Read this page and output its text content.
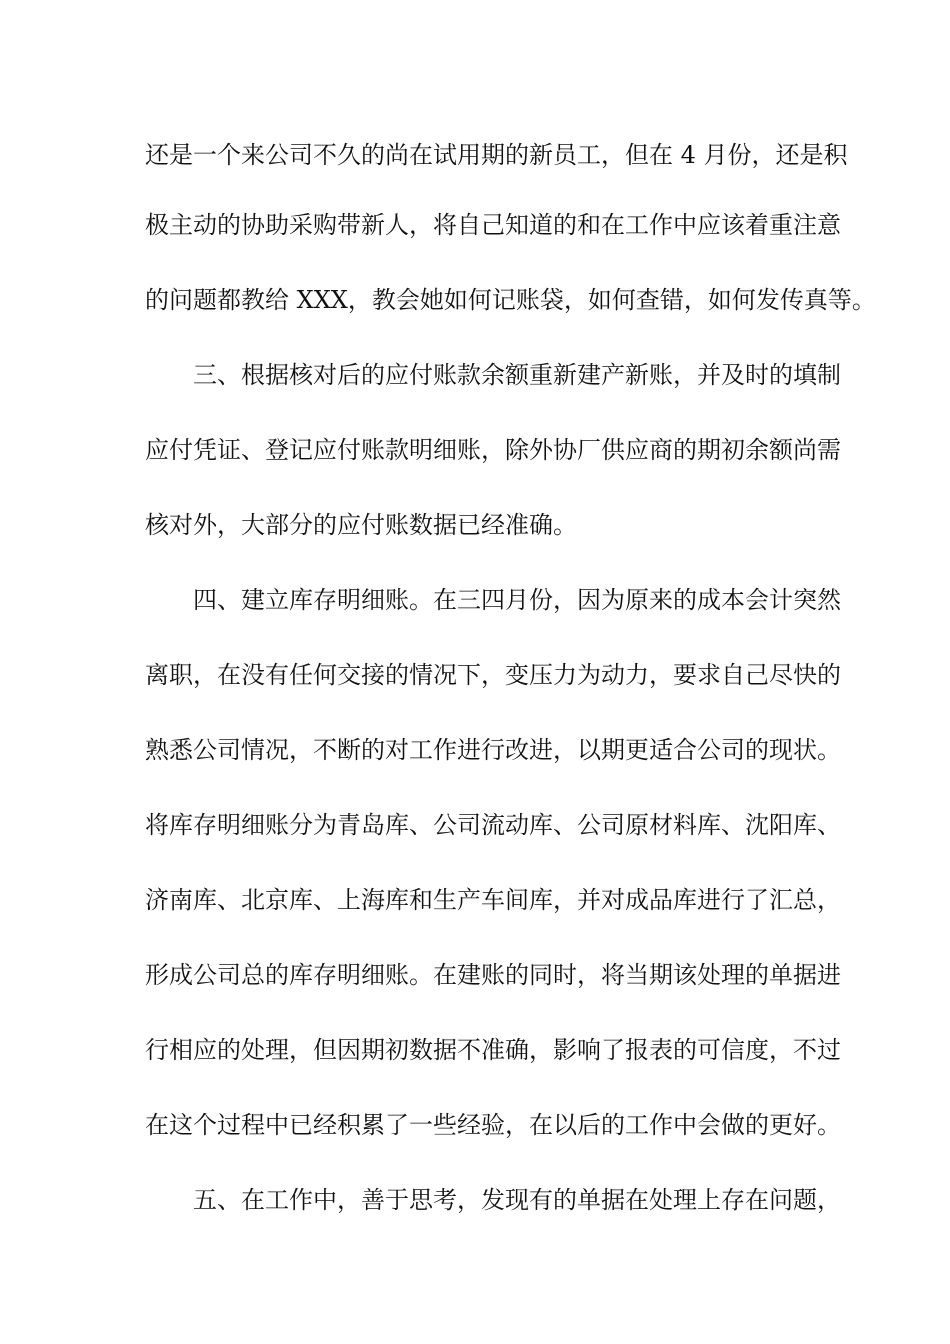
还是一个来公司不久的尚在试用期的新员工，但在 4 月份，还是积

极主动的协助采购带新人，将自己知道的和在工作中应该着重注意

的问题都教给 XXX，教会她如何记账袋，如何查错，如何发传真等。

三、根据核对后的应付账款余额重新建产新账，并及时的填制

应付凭证、登记应付账款明细账，除外协厂供应商的期初余额尚需

核对外，大部分的应付账数据已经准确。

四、建立库存明细账。在三四月份，因为原来的成本会计突然

离职，在没有任何交接的情况下，变压力为动力，要求自己尽快的

熟悉公司情况，不断的对工作进行改进，以期更适合公司的现状。

将库存明细账分为青岛库、公司流动库、公司原材料库、沈阳库、

济南库、北京库、上海库和生产车间库，并对成品库进行了汇总，

形成公司总的库存明细账。在建账的同时，将当期该处理的单据进

行相应的处理，但因期初数据不准确，影响了报表的可信度，不过

在这个过程中已经积累了一些经验，在以后的工作中会做的更好。

五、在工作中，善于思考，发现有的单据在处理上存在问题，
